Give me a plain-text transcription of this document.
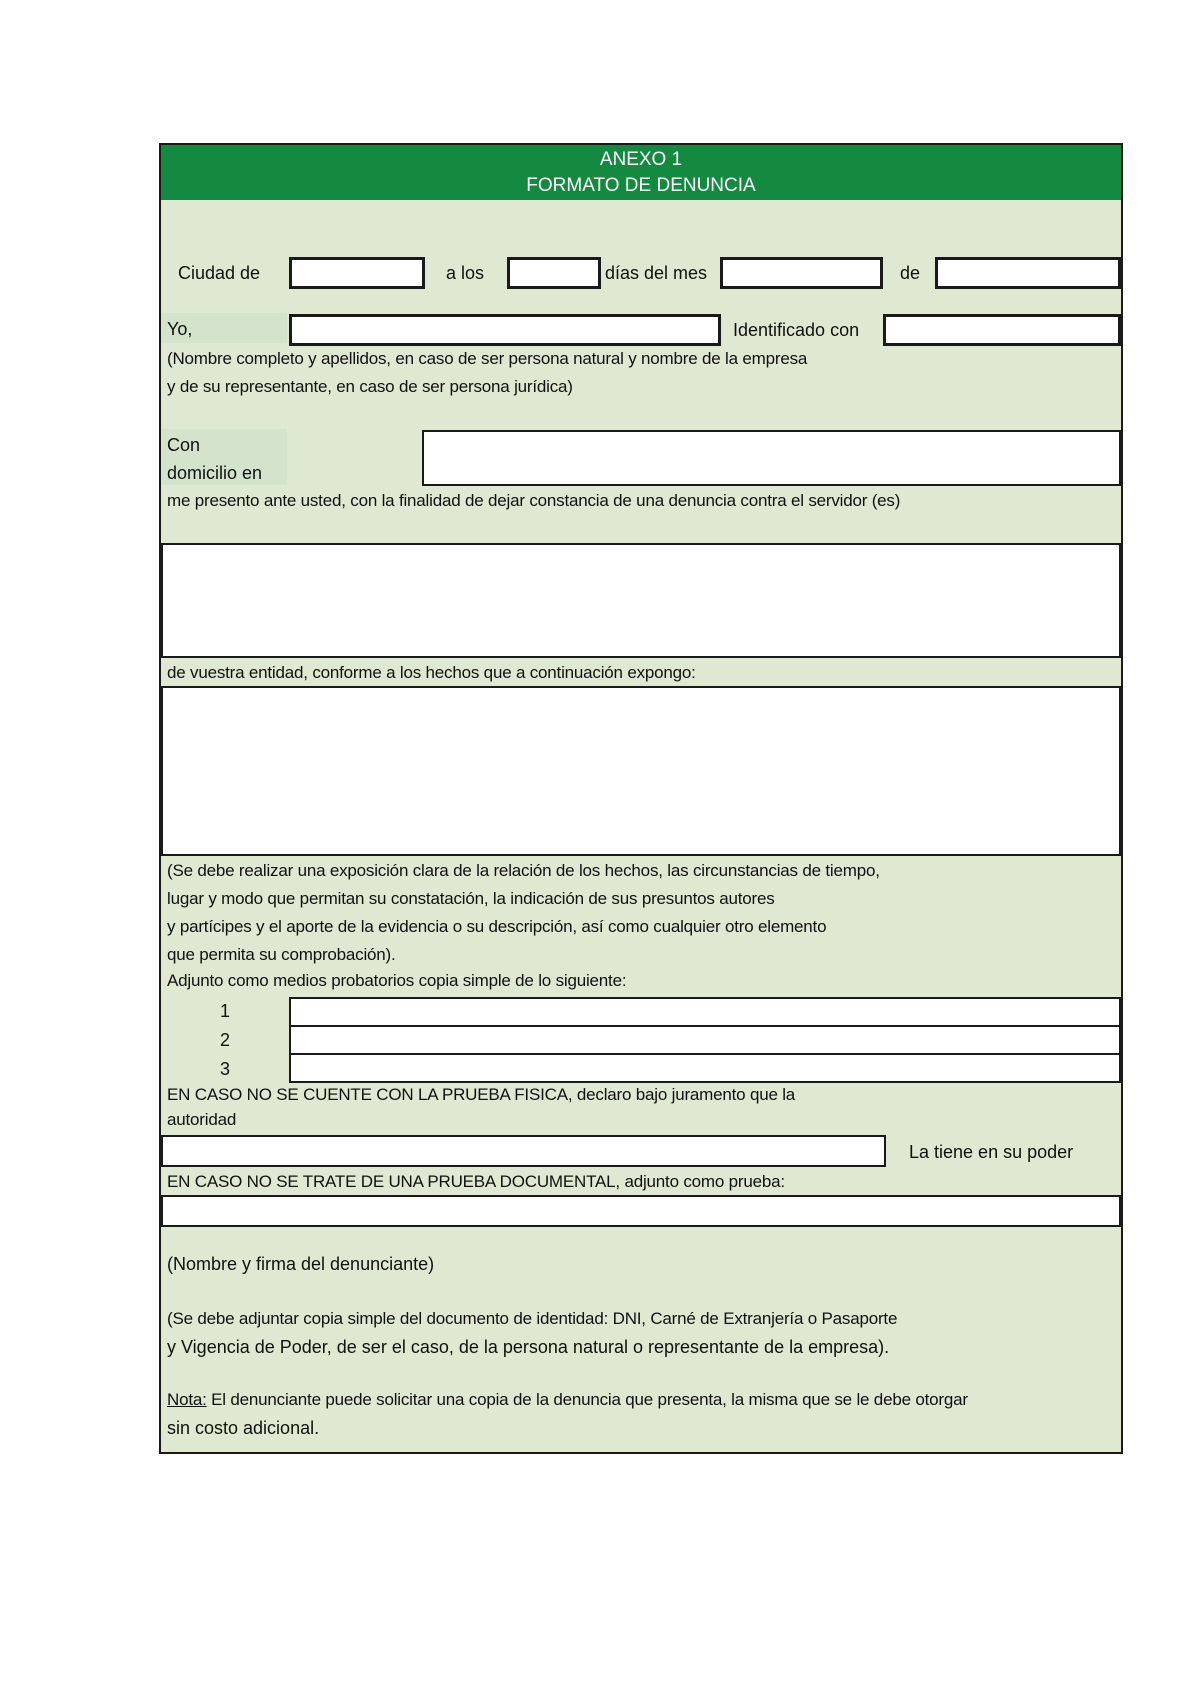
ANEXO 1
FORMATO DE DENUNCIA
Ciudad de	a los	días del mes	de
Yo,	Identificado con
(Nombre completo y apellidos, en caso de ser persona natural y nombre de la empresa
y de su representante, en caso de ser persona jurídica)
Con
domicilio en
me presento ante usted, con la finalidad de dejar constancia de una denuncia contra el servidor (es)
de vuestra entidad, conforme a los hechos que a continuación expongo:
(Se debe realizar una exposición clara de la relación de los hechos, las circunstancias de tiempo,
lugar y modo que permitan su constatación, la indicación de sus presuntos autores
y partícipes y el aporte de la evidencia o su descripción, así como cualquier otro elemento
que permita su comprobación).
Adjunto como medios probatorios copia simple de lo siguiente:
1
2
3
EN CASO NO SE CUENTE CON LA PRUEBA FISICA, declaro bajo juramento que la
autoridad
La tiene en su poder
EN CASO NO SE TRATE DE UNA PRUEBA DOCUMENTAL, adjunto como prueba:
(Nombre y firma del denunciante)
(Se debe adjuntar copia simple del documento de identidad: DNI, Carné de Extranjería o Pasaporte
y Vigencia de Poder, de ser el caso, de la persona natural o representante de la empresa).
Nota: El denunciante puede solicitar una copia de la denuncia que presenta, la misma que se le debe otorgar
sin costo adicional.
